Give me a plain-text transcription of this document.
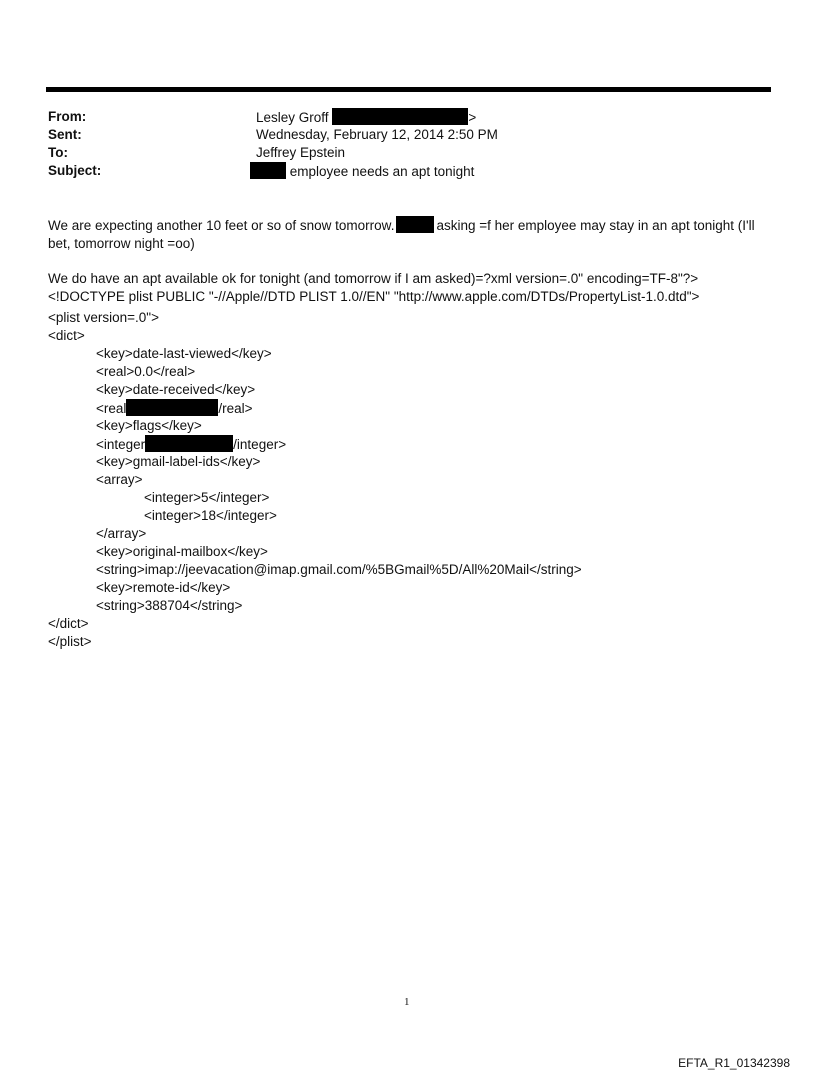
From:	Lesley Groff	>
Sent:	Wednesday, February 12, 2014 2:50 PM
To:	Jeffrey Epstein
Subject:	employee needs an apt tonight

We are expecting another 10 feet or so of snow tomorrow.	asking =f her employee may stay in an apt tonight (I'll bet, tomorrow night =oo)

We do have an apt available ok for tonight (and tomorrow if I am asked)=?xml version=.0" encoding=TF-8"?> <!DOCTYPE plist PUBLIC "-//Apple//DTD PLIST 1.0//EN" "http://www.apple.com/DTDs/PropertyList-1.0.dtd">

<plist version=.0">
<dict>
<key>date-last-viewed</key>
<real>0.0</real>
<key>date-received</key>
<real	/real>
<key>flags</key>
<integer	/integer>
<key>gmail-label-ids</key>
<array>
<integer>5</integer>
<integer>18</integer>
</array>
<key>original-mailbox</key>
<string>imap://jeevacation@imap.gmail.com/%5BGmail%5D/All%20Mail</string>
<key>remote-id</key>
<string>388704</string>
</dict>
</plist>
1
EFTA_R1_01342398
